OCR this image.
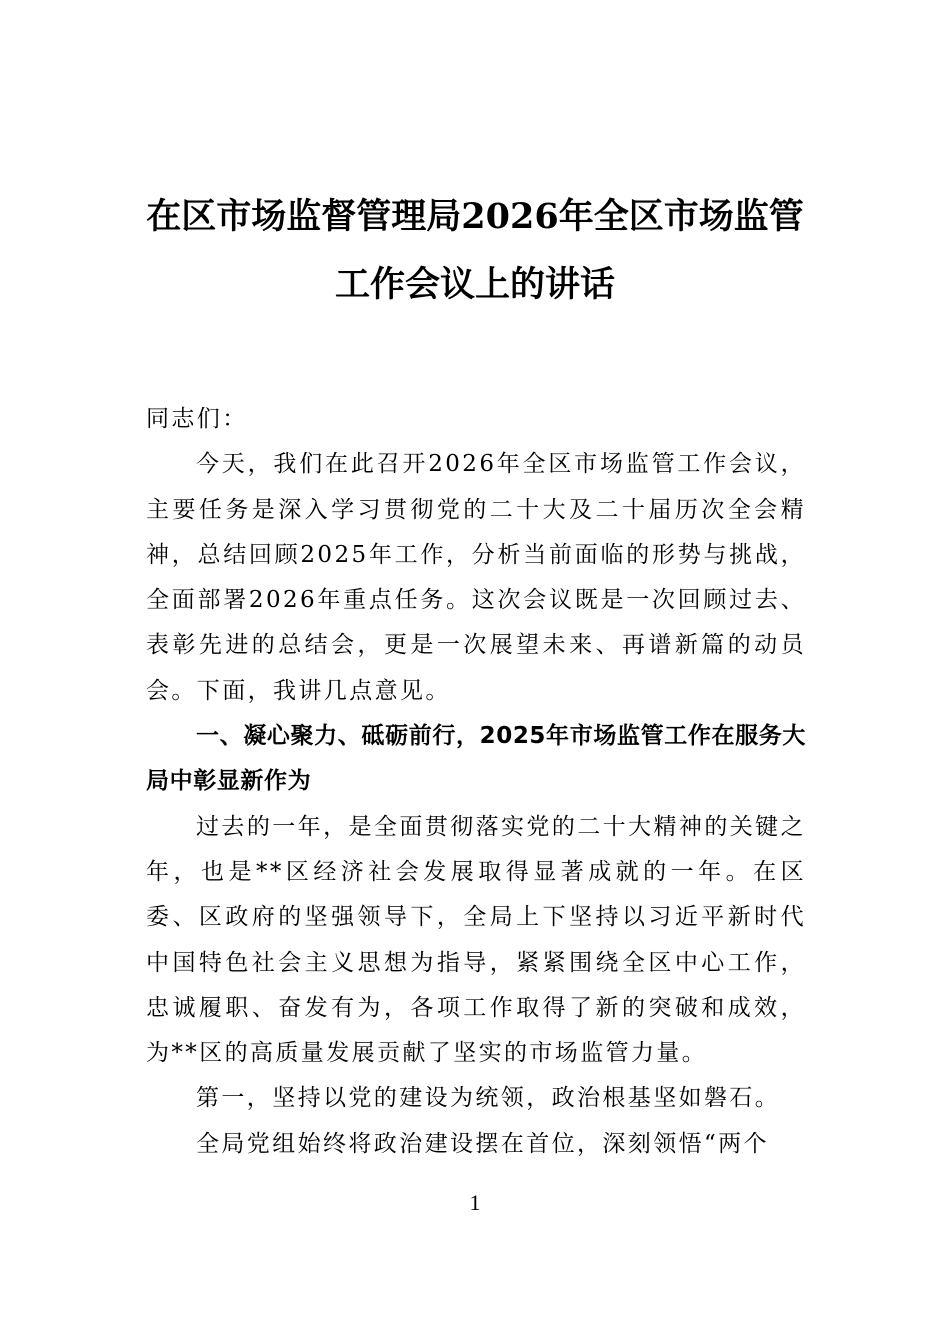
在区市场监督管理局2026年全区市场监管
工作会议上的讲话

同志们：

今天，我们在此召开2026年全区市场监管工作会议，主要任务是深入学习贯彻党的二十大及二十届历次全会精神，总结回顾2025年工作，分析当前面临的形势与挑战，全面部署2026年重点任务。这次会议既是一次回顾过去、表彰先进的总结会，更是一次展望未来、再谱新篇的动员会。下面，我讲几点意见。

一、凝心聚力、砥砺前行，2025年市场监管工作在服务大局中彰显新作为

过去的一年，是全面贯彻落实党的二十大精神的关键之年，也是**区经济社会发展取得显著成就的一年。在区委、区政府的坚强领导下，全局上下坚持以习近平新时代中国特色社会主义思想为指导，紧紧围绕全区中心工作，忠诚履职、奋发有为，各项工作取得了新的突破和成效，为**区的高质量发展贡献了坚实的市场监管力量。

第一，坚持以党的建设为统领，政治根基坚如磐石。

全局党组始终将政治建设摆在首位，深刻领悟“两个

1
